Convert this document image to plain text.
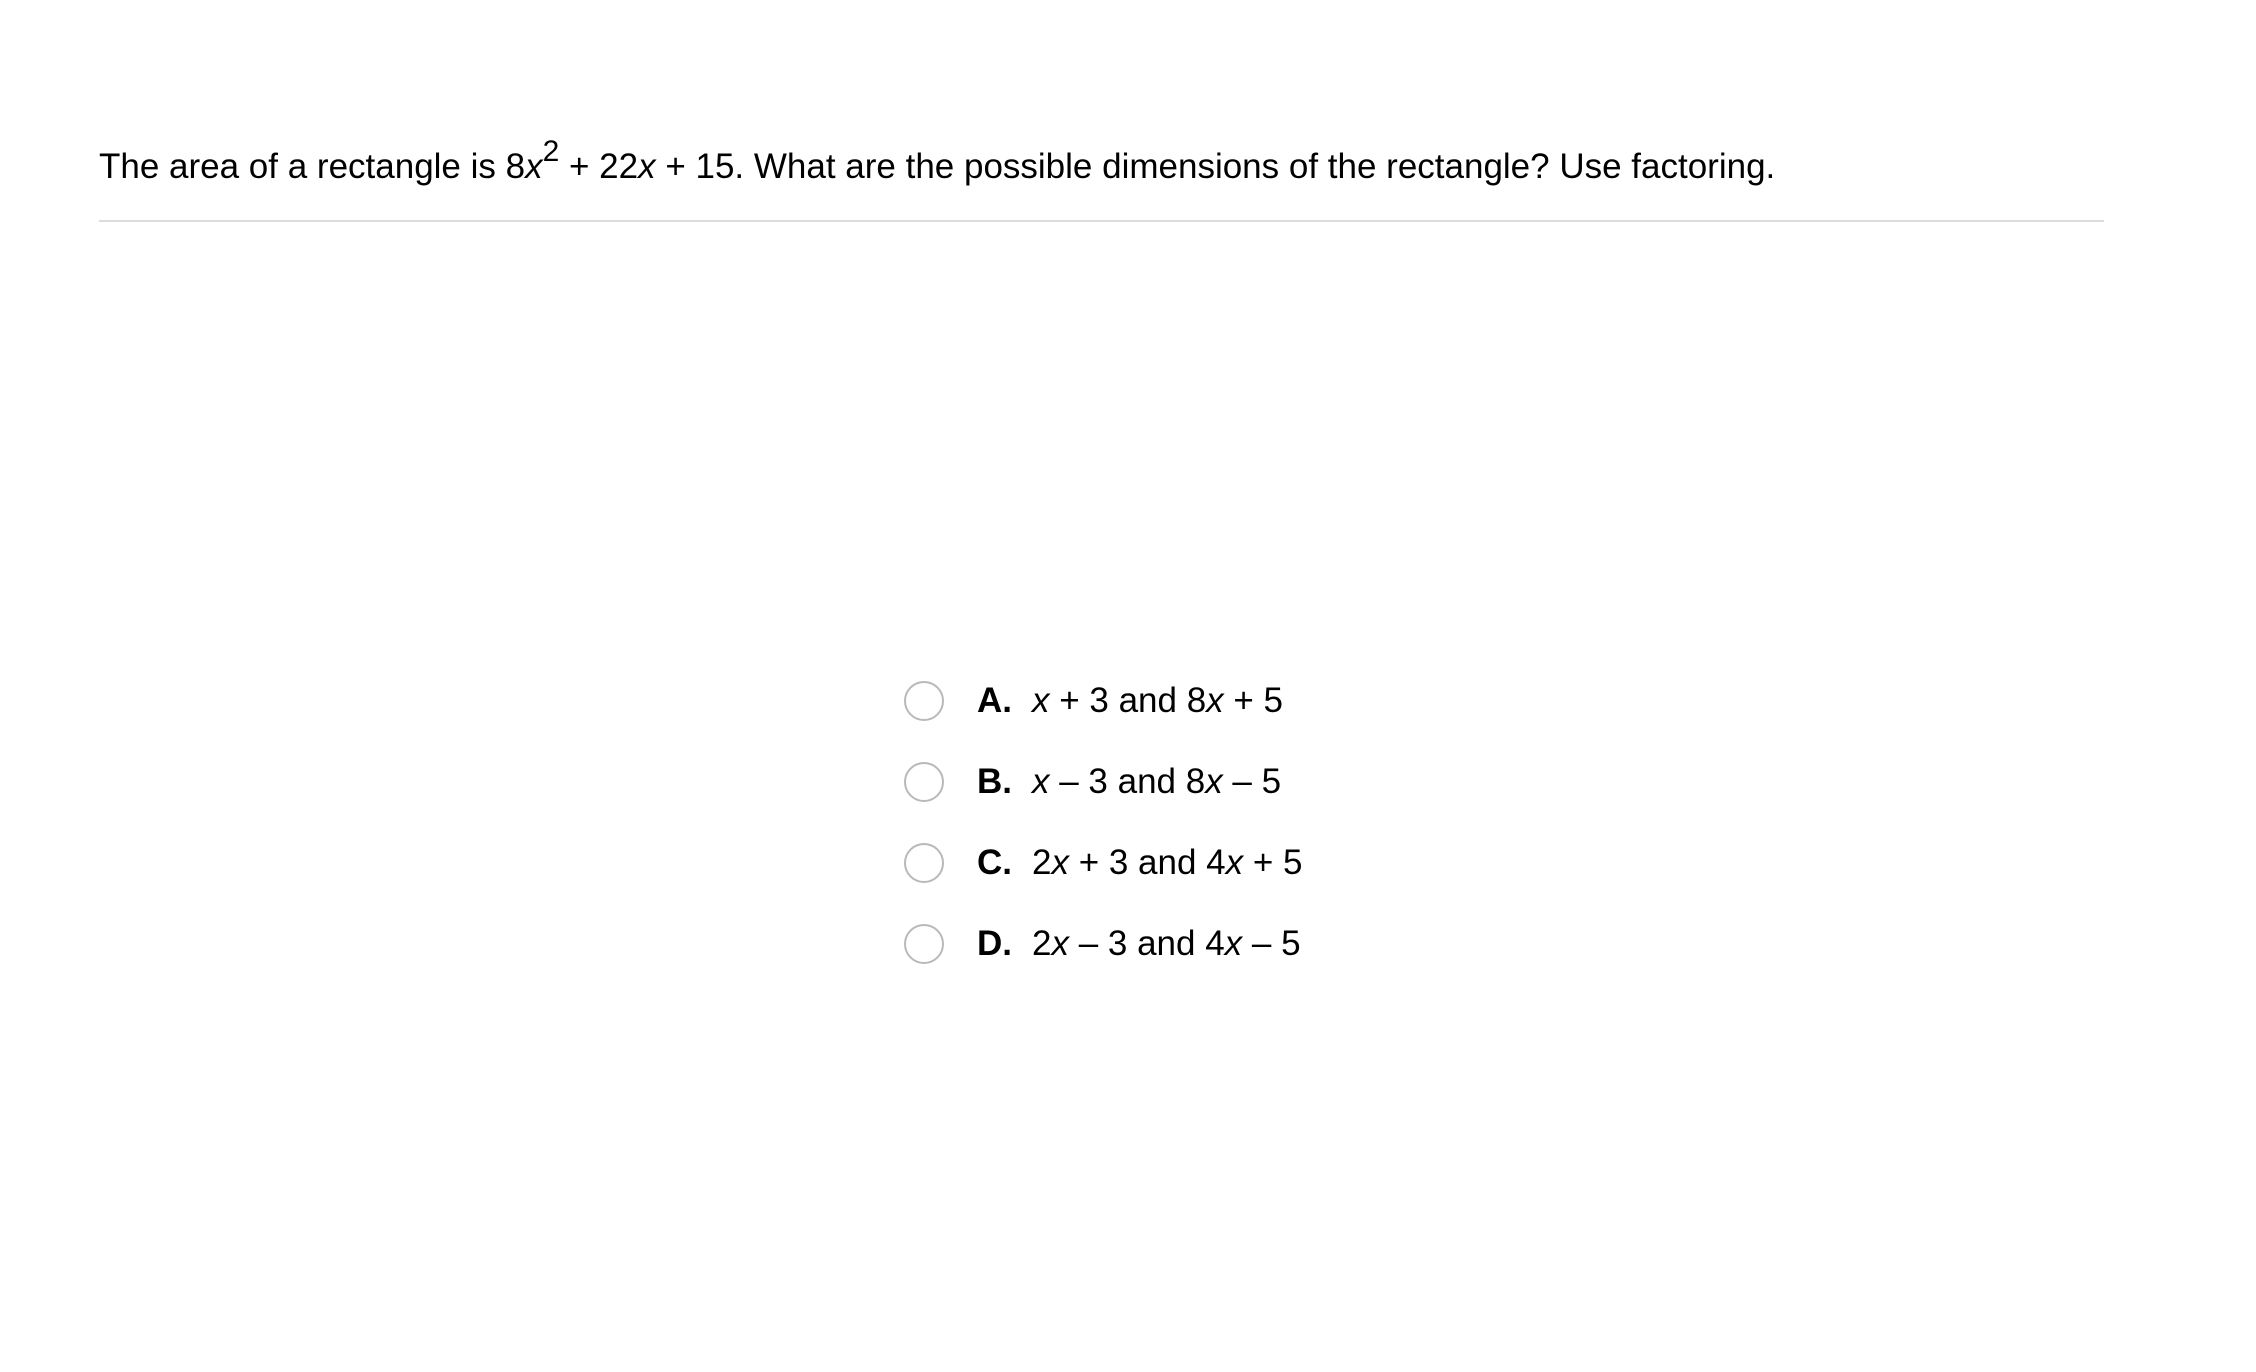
The area of a rectangle is $8x^2 + 22x + 15$. What are the possible dimensions of the rectangle? Use factoring.
A. x + 3 and 8x + 5
B. x – 3 and 8x – 5
C. 2x + 3 and 4x + 5
D. 2x – 3 and 4x – 5
